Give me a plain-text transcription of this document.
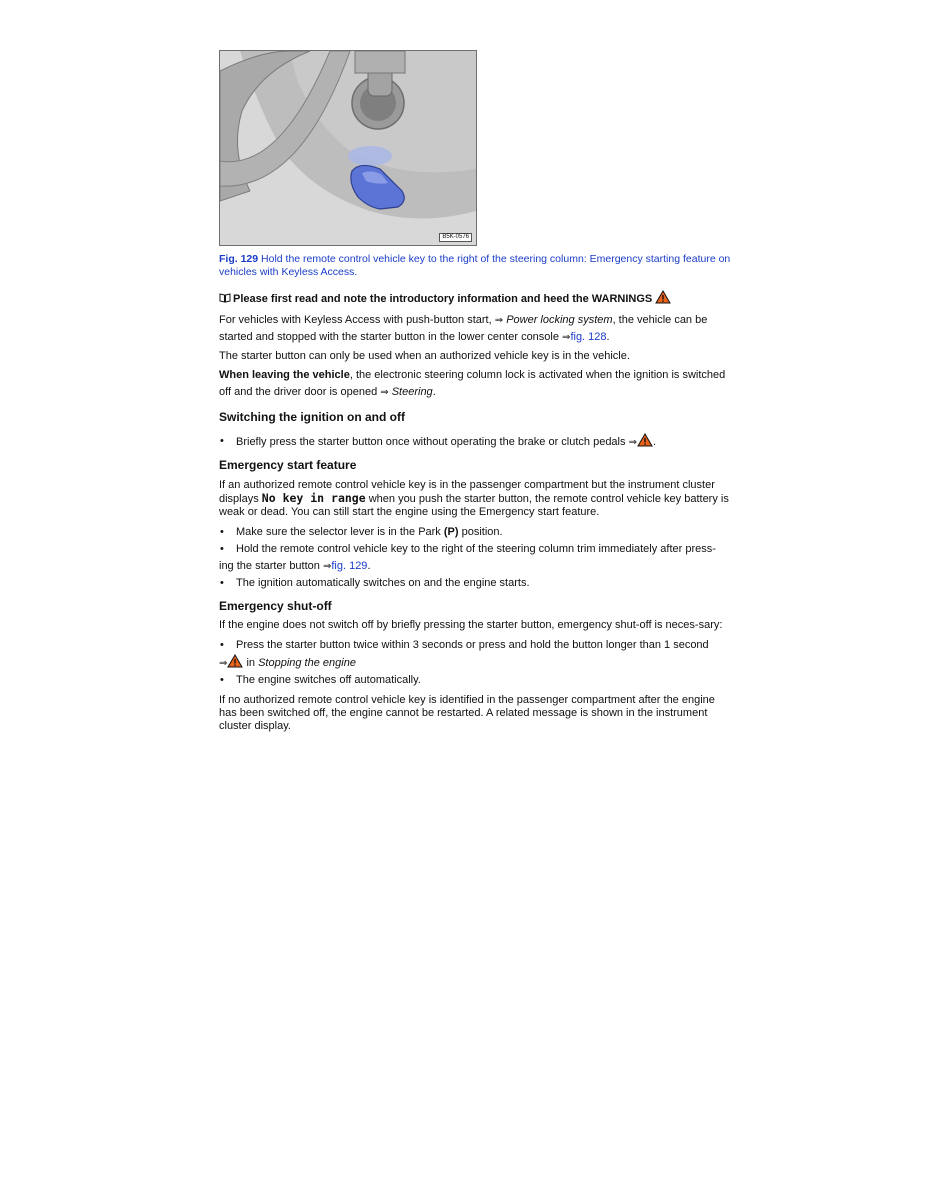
B5K-0576
Fig. 129 Hold the remote control vehicle key to the right of the steering column: Emergency starting feature on vehicles with Keyless Access.
Please first read and note the introductory information and heed the WARNINGS

For vehicles with Keyless Access with push-button start, ⇒ Power locking system, the vehicle can be started and stopped with the starter button in the lower center console ⇒fig. 128.

The starter button can only be used when an authorized vehicle key is in the vehicle.

When leaving the vehicle, the electronic steering column lock is activated when the ignition is switched off and the driver door is opened ⇒ Steering.

Switching the ignition on and off
• Briefly press the starter button once without operating the brake or clutch pedals ⇒ .
Emergency start feature

If an authorized remote control vehicle key is in the passenger compartment but the instrument cluster displays No key in range when you push the starter button, the remote control vehicle key battery is weak or dead. You can still start the engine using the Emergency start feature.

• Make sure the selector lever is in the Park (P) position.
• Hold the remote control vehicle key to the right of the steering column trim immediately after press-
ing the starter button ⇒fig. 129.
• The ignition automatically switches on and the engine starts.
Emergency shut-off

If the engine does not switch off by briefly pressing the starter button, emergency shut-off is neces-sary:

• Press the starter button twice within 3 seconds or press and hold the button longer than 1 second
⇒ in Stopping the engine
• The engine switches off automatically.

If no authorized remote control vehicle key is identified in the passenger compartment after the engine has been switched off, the engine cannot be restarted. A related message is shown in the instrument cluster display.
